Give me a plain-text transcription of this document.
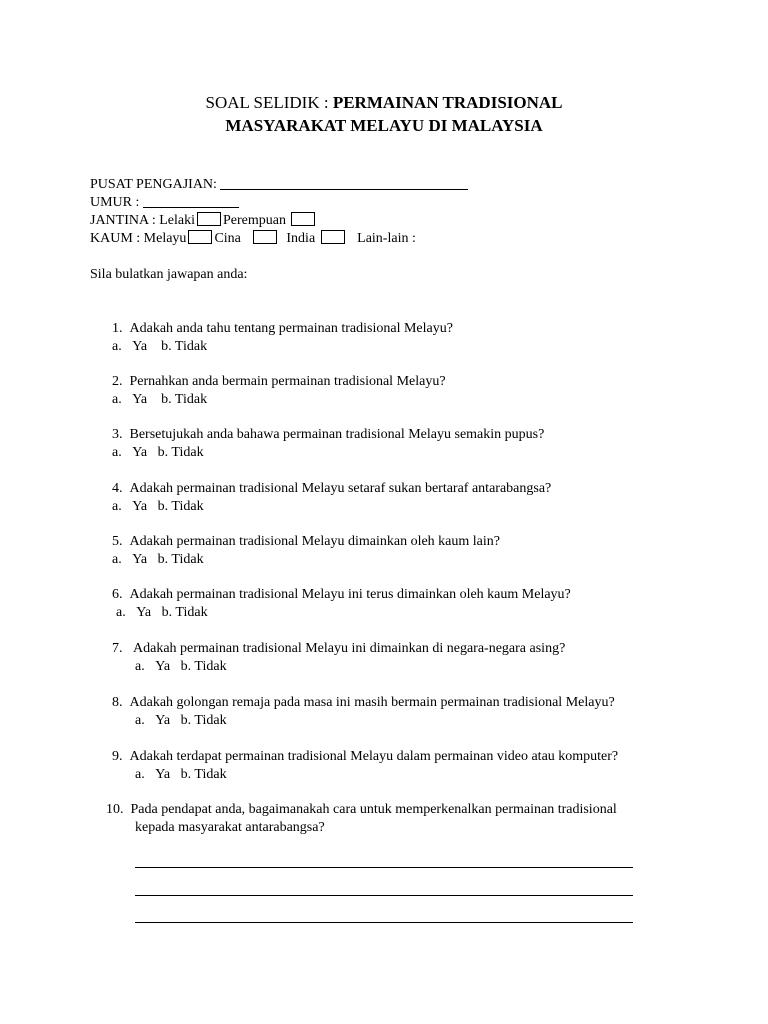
SOAL SELIDIK : PERMAINAN TRADISIONAL
MASYARAKAT MELAYU DI MALAYSIA
PUSAT PENGAJIAN:
UMUR :
JANTINA : Lelaki Perempuan
KAUM : Melayu Cina	India	Lain-lain :
Sila bulatkan jawapan anda:
1. Adakah anda tahu tentang permainan tradisional Melayu?
a. Ya b. Tidak
2. Pernahkan anda bermain permainan tradisional Melayu?
a. Ya b. Tidak
3. Bersetujukah anda bahawa permainan tradisional Melayu semakin pupus?
a. Ya b. Tidak
4. Adakah permainan tradisional Melayu setaraf sukan bertaraf antarabangsa?
a. Ya b. Tidak
5. Adakah permainan tradisional Melayu dimainkan oleh kaum lain?
a. Ya b. Tidak
6. Adakah permainan tradisional Melayu ini terus dimainkan oleh kaum Melayu?
a. Ya b. Tidak
7. Adakah permainan tradisional Melayu ini dimainkan di negara-negara asing?
a. Ya b. Tidak
8. Adakah golongan remaja pada masa ini masih bermain permainan tradisional Melayu?
a. Ya b. Tidak
9. Adakah terdapat permainan tradisional Melayu dalam permainan video atau komputer?
a. Ya b. Tidak
10. Pada pendapat anda, bagaimanakah cara untuk memperkenalkan permainan tradisional
kepada masyarakat antarabangsa?
